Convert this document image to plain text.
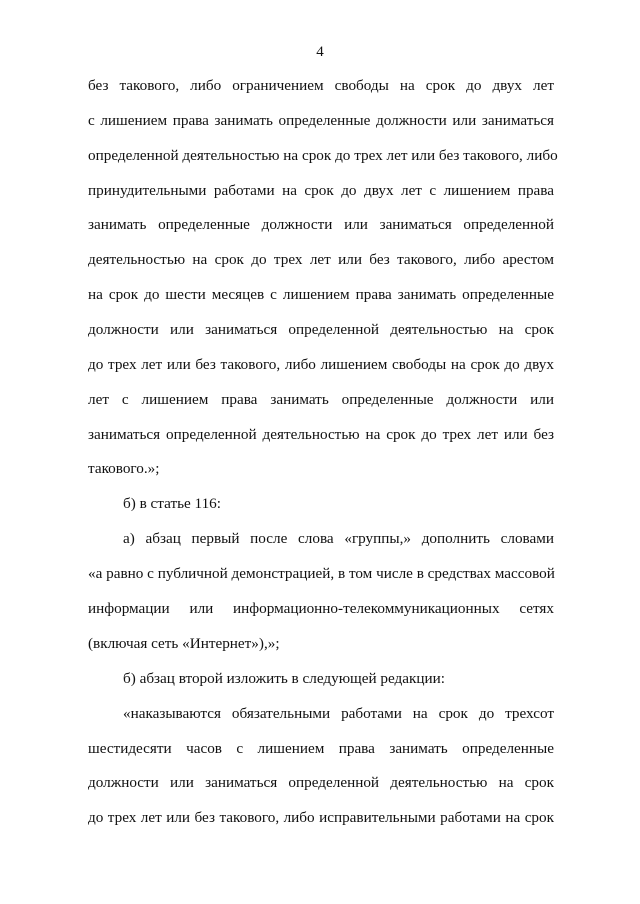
4
без такового, либо ограничением свободы на срок до двух лет
с лишением права занимать определенные должности или заниматься
определенной деятельностью на срок до трех лет или без такового, либо
принудительными работами на срок до двух лет с лишением права
занимать определенные должности или заниматься определенной
деятельностью на срок до трех лет или без такового, либо арестом
на срок до шести месяцев с лишением права занимать определенные
должности или заниматься определенной деятельностью на срок
до трех лет или без такового, либо лишением свободы на срок до двух
лет с лишением права занимать определенные должности или
заниматься определенной деятельностью на срок до трех лет или без
такового.»;
б) в статье 116:
а) абзац первый после слова «группы,» дополнить словами
«а равно с публичной демонстрацией, в том числе в средствах массовой
информации или информационно-телекоммуникационных сетях
(включая сеть «Интернет»),»;
б) абзац второй изложить в следующей редакции:
«наказываются обязательными работами на срок до трехсот
шестидесяти часов с лишением права занимать определенные
должности или заниматься определенной деятельностью на срок
до трех лет или без такового, либо исправительными работами на срок
